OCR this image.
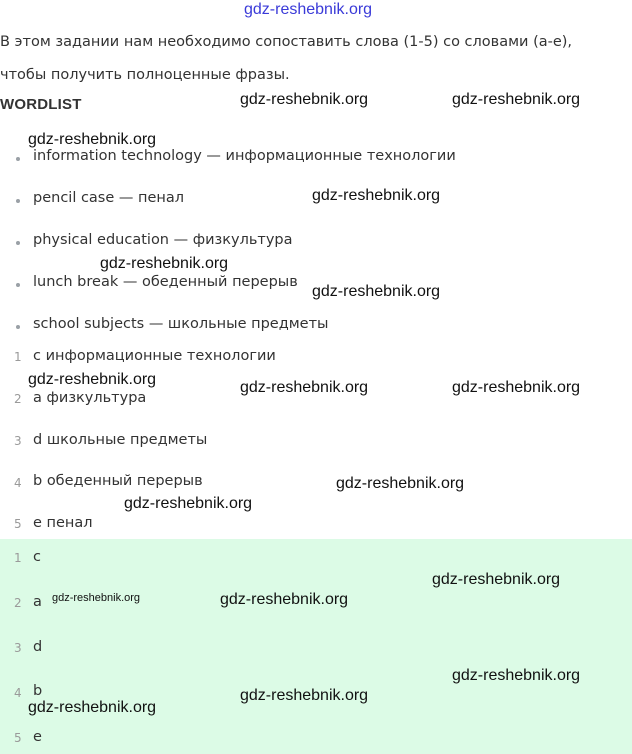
gdz-reshebnik.org
В этом задании нам необходимо сопоставить слова (1-5) со словами (a-e),
чтобы получить полноценные фразы.
WORDLIST
information technology — информационные технологии
pencil case — пенал
physical education — физкультура
lunch break — обеденный перерыв
school subjects — школьные предметы
1 c информационные технологии
2 a физкультура
3 d школьные предметы
4 b обеденный перерыв
5 e пенал
1 c
2 a
3 d
4 b
5 e
gdz-reshebnik.org	gdz-reshebnik.org
gdz-reshebnik.org
gdz-reshebnik.org
gdz-reshebnik.org
gdz-reshebnik.org
gdz-reshebnik.org	gdz-reshebnik.org	gdz-reshebnik.org
gdz-reshebnik.org
gdz-reshebnik.org
gdz-reshebnik.org
gdz-reshebnik.org	gdz-reshebnik.org
gdz-reshebnik.org
gdz-reshebnik.org
gdz-reshebnik.org
